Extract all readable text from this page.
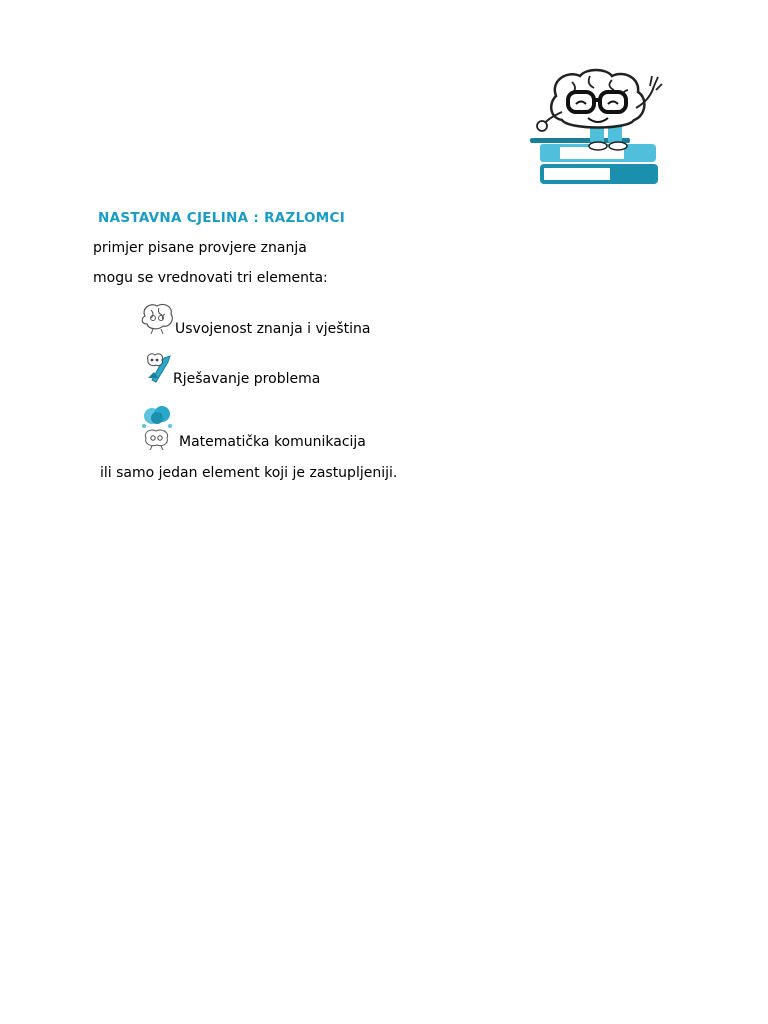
NASTAVNA CJELINA : RAZLOMCI
primjer pisane provjere znanja
mogu se vrednovati tri elementa:
Usvojenost znanja i vještina
Rješavanje problema
Matematička komunikacija
ili samo jedan element koji je zastupljeniji.
